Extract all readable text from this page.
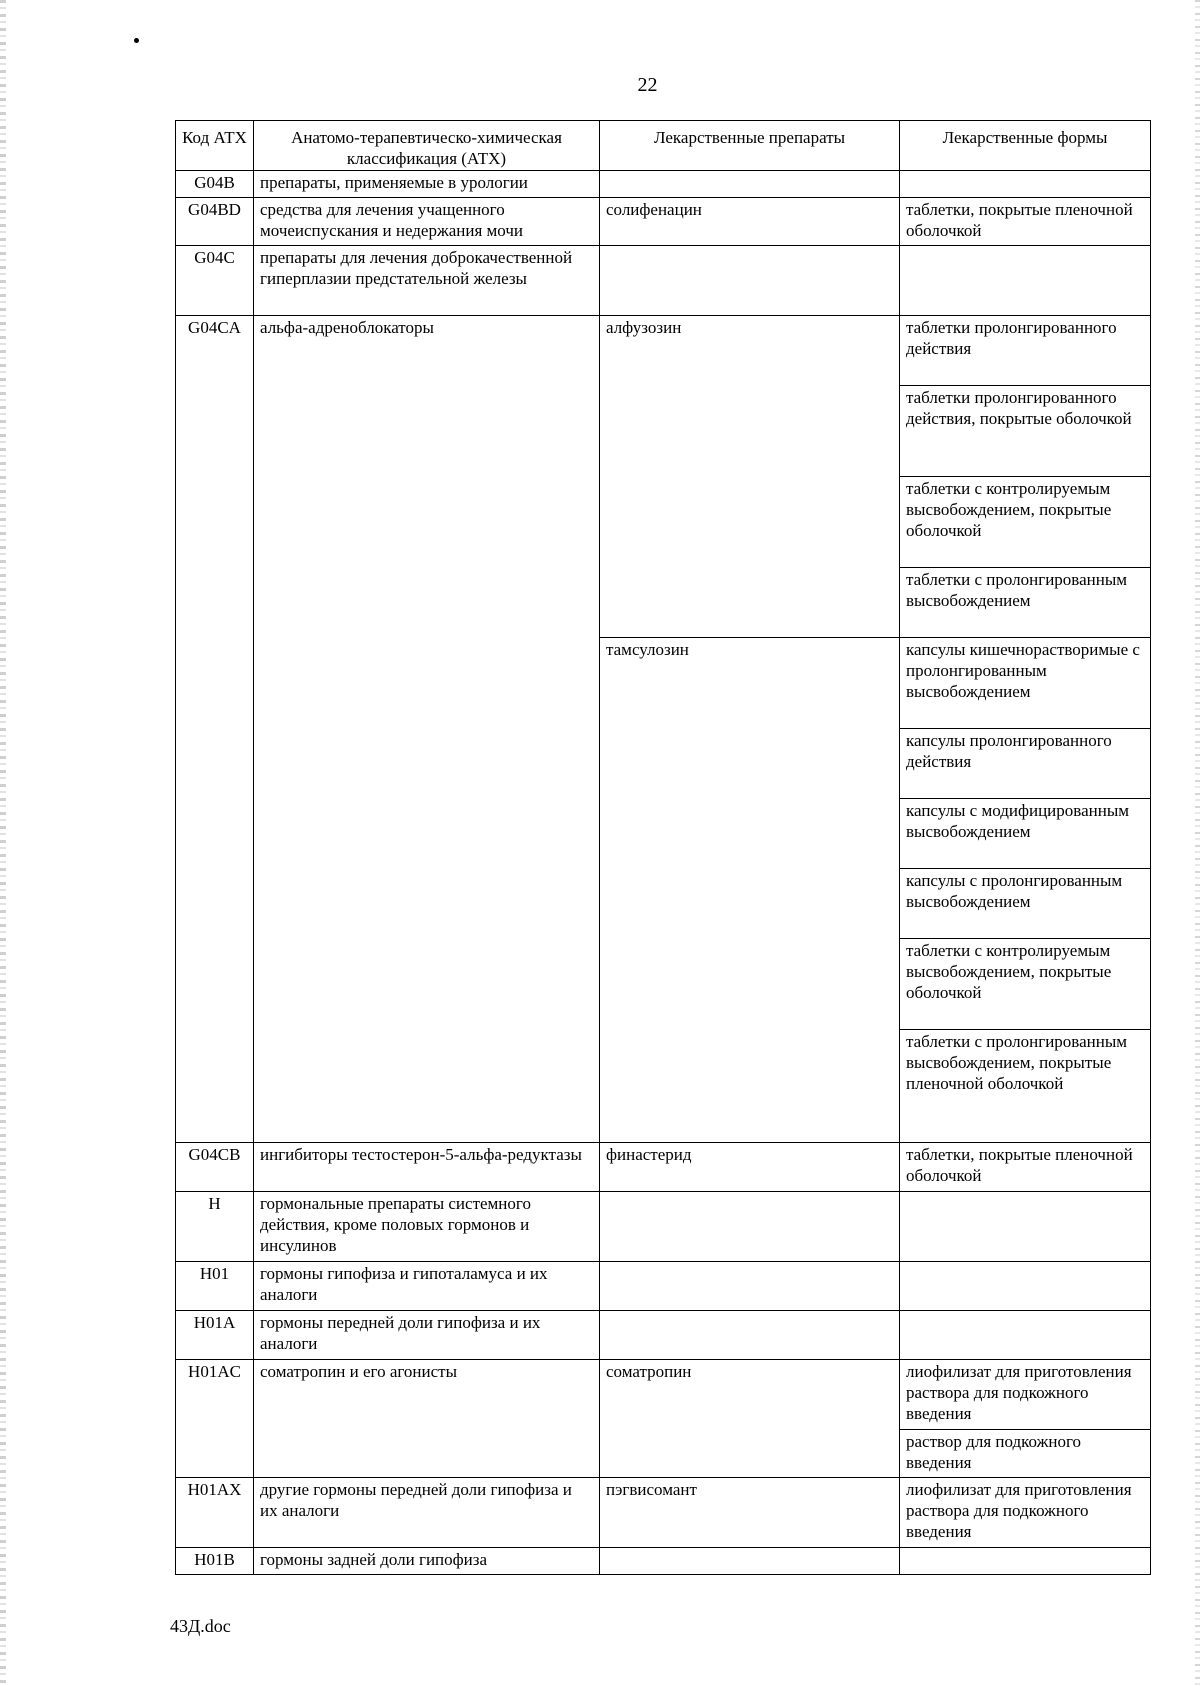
22
Код АТХ	Анатомо-терапевтическо-химическая классификация (АТХ)	Лекарственные препараты	Лекарственные формы
G04B	препараты, применяемые в урологии		
G04BD	средства для лечения учащенного мочеиспускания и недержания мочи	солифенацин	таблетки, покрытые пленочной оболочкой
G04C	препараты для лечения доброкачественной гиперплазии предстательной железы		
G04CA	альфа-адреноблокаторы	алфузозин	таблетки пролонгированного действия
			таблетки пролонгированного действия, покрытые оболочкой
			таблетки с контролируемым высвобождением, покрытые оболочкой
			таблетки с пролонгированным высвобождением
		тамсулозин	капсулы кишечнорастворимые с пролонгированным высвобождением
			капсулы пролонгированного действия
			капсулы с модифицированным высвобождением
			капсулы с пролонгированным высвобождением
			таблетки с контролируемым высвобождением, покрытые оболочкой
			таблетки с пролонгированным высвобождением, покрытые пленочной оболочкой
G04CB	ингибиторы тестостерон-5-альфа-редуктазы	финастерид	таблетки, покрытые пленочной оболочкой
H	гормональные препараты системного действия, кроме половых гормонов и инсулинов		
H01	гормоны гипофиза и гипоталамуса и их аналоги		
H01A	гормоны передней доли гипофиза и их аналоги		
H01AC	соматропин и его агонисты	соматропин	лиофилизат для приготовления раствора для подкожного введения
			раствор для подкожного введения
H01AX	другие гормоны передней доли гипофиза и их аналоги	пэгвисомант	лиофилизат для приготовления раствора для подкожного введения
H01B	гормоны задней доли гипофиза		
43Д.doc
